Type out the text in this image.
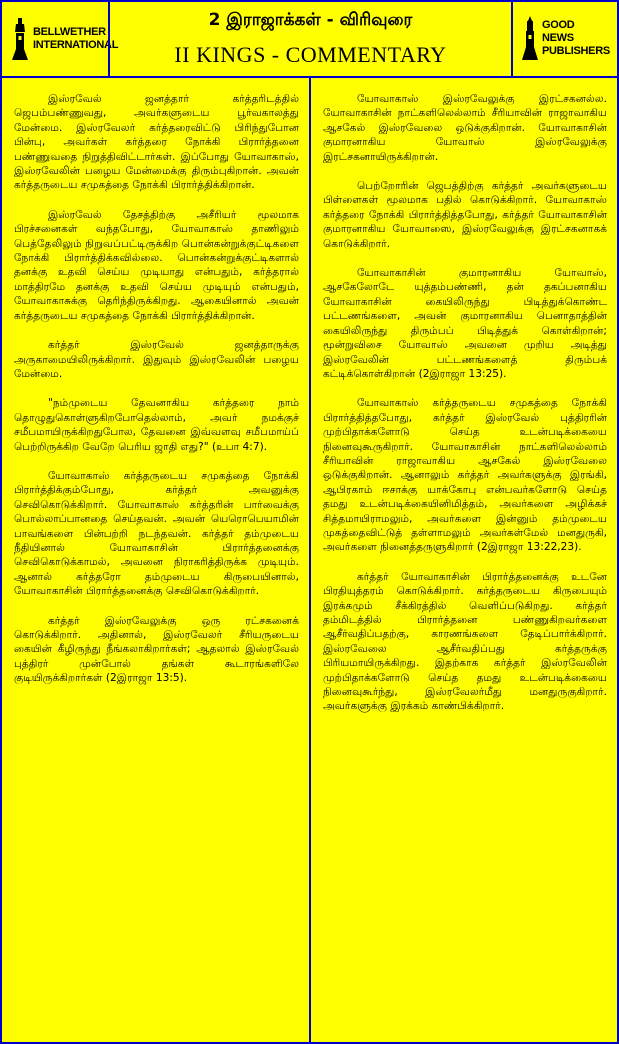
BELLWETHER INTERNATIONAL
2 இராஜாக்கள் - விரிவுரை
II KINGS - COMMENTARY
GOOD NEWS PUBLISHERS

இஸ்ரவேல் ஜனத்தார் கர்த்தரிடத்தில் ஜெபம்பண்ணுவது, அவர்களுடைய பூர்வகாலத்து மேன்மை. இஸ்ரவேலர் கர்த்தரைவிட்டு பிரிந்துபோன பின்பு, அவர்கள் கர்த்தரை நோக்கி பிரார்த்தனை பண்ணுவதை நிறுத்திவிட்டார்கள். இப்போது யோவாகாஸ், இஸ்ரவேலின் பழைய மேன்மைக்கு திரும்புகிறான். அவன் கர்த்தருடைய சமுகத்தை நோக்கி பிரார்த்திக்கிறான்.

இஸ்ரவேல் தேசத்திற்கு அசீரியர் மூலமாக பிரச்சனைகள் வந்தபோது, யோவாகாஸ் தாணிலும் பெத்தேலிலும் நிறுவப்பட்டிருக்கிற பொன்கன்றுக்குட்டிகளை நோக்கி பிரார்த்திக்கவில்லை. பொன்கன்றுக்குட்டிகளால் தனக்கு உதவி செய்ய முடியாது என்பதும், கர்த்தரால் மாத்திரமே தனக்கு உதவி செய்ய முடியும் என்பதும், யோவாகாசுக்கு தெரிந்திருக்கிறது. ஆகையினால் அவன் கர்த்தருடைய சமுகத்தை நோக்கி பிரார்த்திக்கிறான்.

கர்த்தர் இஸ்ரவேல் ஜனத்தாருக்கு அருகாமையிலிருக்கிறார். இதுவும் இஸ்ரவேலின் பழைய மேன்மை.

"நம்முடைய தேவனாகிய கர்த்தரை நாம் தொழுதுகொள்ளுகிறபோதெல்லாம், அவர் நமக்குச் சமீபமாயிருக்கிறதுபோல, தேவனை இவ்வளவு சமீபமாய்ப் பெற்றிருக்கிற வேறே பெரிய ஜாதி எது?" (உபா 4:7).

யோவாகாஸ் கர்த்தருடைய சமுகத்தை நோக்கி பிரார்த்திக்கும்போது, கர்த்தர் அவனுக்கு செவிகொடுக்கிறார். யோவாகாஸ் கர்த்தரின் பார்வைக்கு பொல்லாப்பானதை செய்தவன். அவன் யெரொபெயாமின் பாவங்களை பின்பற்றி நடந்தவன். கர்த்தர் தம்முடைய நீதியினால் யோவாகாசின் பிரார்த்தனைக்கு செவிகொடுக்காமல், அவனை நிராகரித்திருக்க முடியும். ஆனால் கர்த்தரோ தம்முடைய கிருபையினால், யோவாகாசின் பிரார்த்தனைக்கு செவிகொடுக்கிறார்.

கர்த்தர் இஸ்ரவேலுக்கு ஒரு ரட்சகனைக் கொடுக்கிறார். அதினால், இஸ்ரவேலர் சீரியருடைய கையின் கீழிருந்து நீங்கலாகிறார்கள்; ஆதலால் இஸ்ரவேல் புத்திரர் முன்போல் தங்கள் கூடாரங்களிலே குடியிருக்கிறார்கள் (2இராஜா 13:5).

யோவாகாஸ் இஸ்ரவேலுக்கு இரட்சகனல்ல. யோவாகாசின் நாட்களிலெல்லாம் சீரியாவின் ராஜாவாகிய ஆசகேல் இஸ்ரவேலை ஒடுக்குகிறான். யோவாகாசின் குமாரனாகிய யோவாஸ் இஸ்ரவேலுக்கு இரட்சகனாயிருக்கிறான்.

பெற்றோரின் ஜெபத்திற்கு கர்த்தர் அவர்களுடைய பிள்ளைகள் மூலமாக பதில் கொடுக்கிறார். யோவாகாஸ் கர்த்தரை நோக்கி பிரார்த்தித்தபோது, கர்த்தர் யோவாகாசின் குமாரனாகிய யோவாஸை, இஸ்ரவேலுக்கு இரட்சகனாகக் கொடுக்கிறார்.

யோவாகாசின் குமாரனாகிய யோவாஸ், ஆசகேலோடே யுத்தம்பண்ணி, தன் தகப்பனாகிய யோவாகாசின் கையிலிருந்து பிடித்துக்கொண்ட பட்டணங்களை, அவன் குமாரனாகிய பெனாதாத்தின் கையிலிருந்து திரும்பப் பிடித்துக் கொள்கிறான்; மூன்றுவிசை யோவாஸ் அவனை முறிய அடித்து இஸ்ரவேலின் பட்டணங்களைத் திரும்பக் கட்டிக்கொள்கிறான் (2இராஜா 13:25).

யோவாகாஸ் கர்த்தருடைய சமுகத்தை நோக்கி பிரார்த்தித்தபோது, கர்த்தர் இஸ்ரவேல் புத்திரரின் முற்பிதாக்களோடு செய்த உடன்படிக்கையை நினைவுகூருகிறார். யோவாகாசின் நாட்களிலெல்லாம் சீரியாவின் ராஜாவாகிய ஆசகேல் இஸ்ரவேலை ஒடுக்குகிறான். ஆனாலும் கர்த்தர் அவர்களுக்கு இரங்கி, ஆபிரகாம் ஈசாக்கு யாக்கோபு என்பவர்களோடு செய்த தமது உடன்படிக்கையினிமித்தம், அவர்களை அழிக்கச் சித்தமாயிராமலும், அவர்களை இன்னும் தம்முடைய முகத்தைவிட்டுத் தள்ளாமலும் அவர்கள்மேல் மனதுருகி, அவர்களை நினைத்தருளுகிறார் (2இராஜா 13:22,23).

கர்த்தர் யோவாகாசின் பிரார்த்தனைக்கு உடனே பிரதியுத்தரம் கொடுக்கிறார். கர்த்தருடைய கிருபையும் இரக்கமும் சீக்கிரத்தில் வெளிப்படுகிறது. கர்த்தர் தம்மிடத்தில் பிரார்த்தனை பண்ணுகிறவர்களை ஆசீர்வதிப்பதற்கு, காரணங்களை தேடிப்பார்க்கிறார். இஸ்ரவேலை ஆசீர்வதிப்பது கர்த்தருக்கு பிரியமாயிருக்கிறது. இதற்காக கர்த்தர் இஸ்ரவேலின் முற்பிதாக்களோடு செய்த தமது உடன்படிக்கையை நினைவுகூர்ந்து, இஸ்ரவேலர்மீது மனதுருகுகிறார். அவர்களுக்கு இரக்கம் காண்பிக்கிறார்.
